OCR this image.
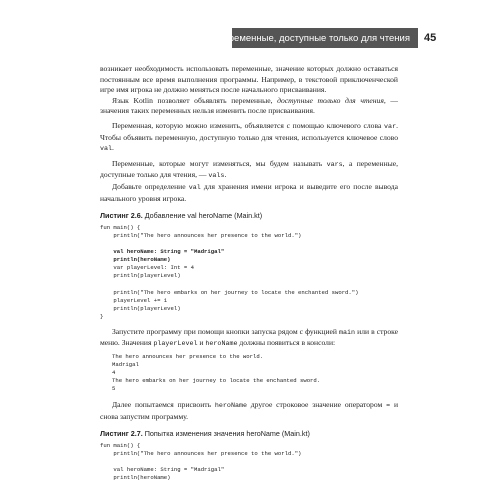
Переменные, доступные только для чтения 45

возникает необходимость использовать переменные, значение которых должно оставаться постоянным все время выполнения программы. Например, в текстовой приключенческой игре имя игрока не должно меняться после начального присваивания.

Язык Kotlin позволяет объявлять переменные, доступные только для чтения, — значения таких переменных нельзя изменить после присваивания.

Переменная, которую можно изменить, объявляется с помощью ключевого слова var. Чтобы объявить переменную, доступную только для чтения, используется ключевое слово val.

Переменные, которые могут изменяться, мы будем называть vars, а переменные, доступные только для чтения, — vals.

Добавьте определение val для хранения имени игрока и выведите его после вывода начального уровня игрока.

Листинг 2.6. Добавление val heroName (Main.kt)
fun main() {
println("The hero announces her presence to the world.")

val heroName: String = "Madrigal"
println(heroName)
var playerLevel: Int = 4
println(playerLevel)

println("The hero embarks on her journey to locate the enchanted sword.")
playerLevel += 1
println(playerLevel)
}

Запустите программу при помощи кнопки запуска рядом с функцией main или в строке меню. Значения playerLevel и heroName должны появиться в консоли:

The hero announces her presence to the world.
Madrigal
4
The hero embarks on her journey to locate the enchanted sword.
5

Далее попытаемся присвоить heroName другое строковое значение оператором = и снова запустим программу.

Листинг 2.7. Попытка изменения значения heroName (Main.kt)
fun main() {
println("The hero announces her presence to the world.")

val heroName: String = "Madrigal"
println(heroName)
